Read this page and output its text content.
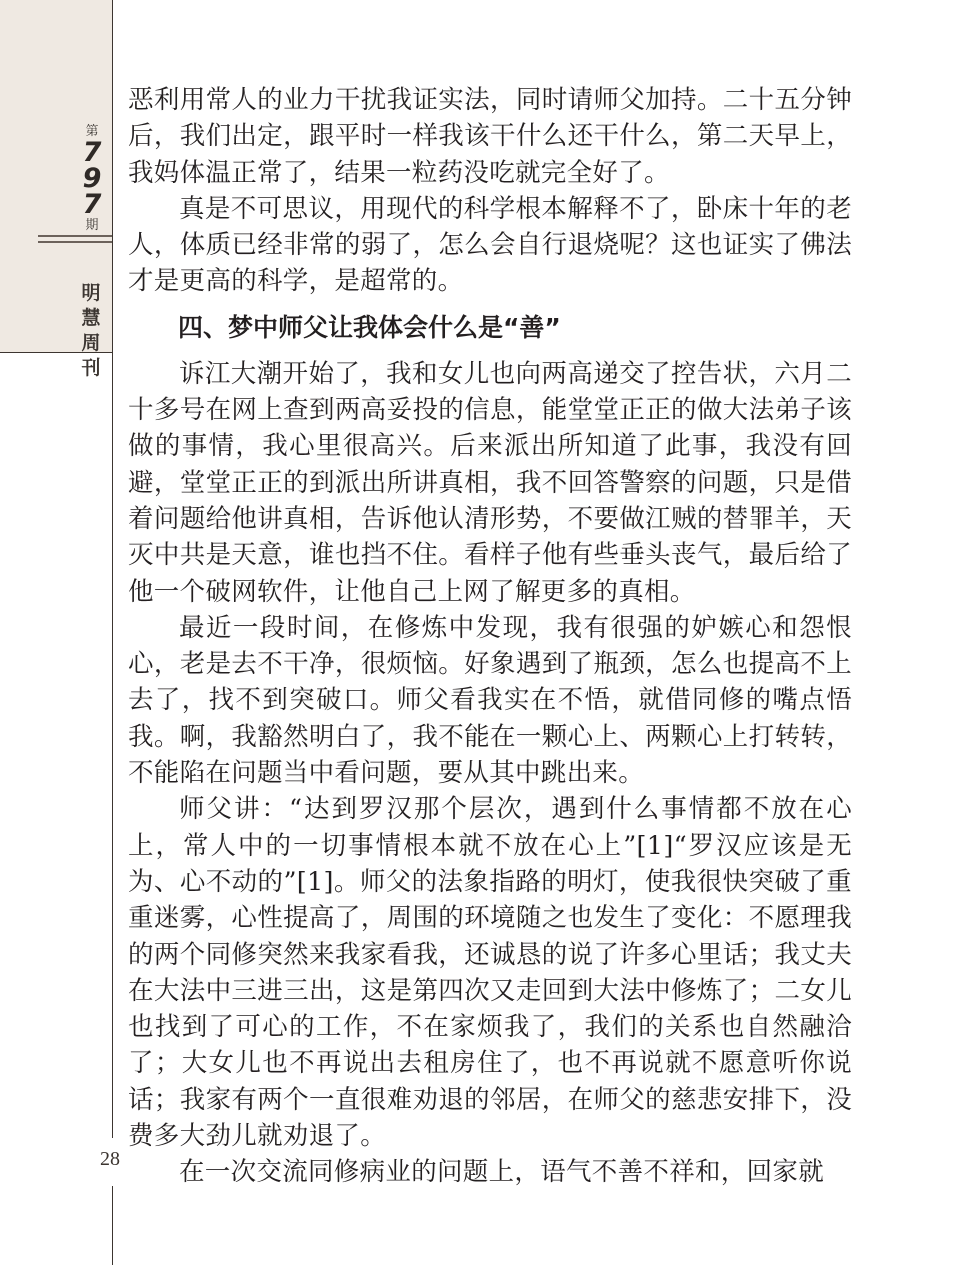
第
7
9
7
期

明
慧
周
刊

28

恶利用常人的业力干扰我证实法，同时请师父加持。二十五分钟后，我们出定，跟平时一样我该干什么还干什么，第二天早上，我妈体温正常了，结果一粒药没吃就完全好了。

真是不可思议，用现代的科学根本解释不了，卧床十年的老人，体质已经非常的弱了，怎么会自行退烧呢？这也证实了佛法才是更高的科学，是超常的。

四、梦中师父让我体会什么是“善”

诉江大潮开始了，我和女儿也向两高递交了控告状，六月二十多号在网上查到两高妥投的信息，能堂堂正正的做大法弟子该做的事情，我心里很高兴。后来派出所知道了此事，我没有回避，堂堂正正的到派出所讲真相，我不回答警察的问题，只是借着问题给他讲真相，告诉他认清形势，不要做江贼的替罪羊，天灭中共是天意，谁也挡不住。看样子他有些垂头丧气，最后给了他一个破网软件，让他自己上网了解更多的真相。

最近一段时间，在修炼中发现，我有很强的妒嫉心和怨恨心，老是去不干净，很烦恼。好象遇到了瓶颈，怎么也提高不上去了，找不到突破口。师父看我实在不悟，就借同修的嘴点悟我。啊，我豁然明白了，我不能在一颗心上、两颗心上打转转，不能陷在问题当中看问题，要从其中跳出来。

师父讲：“达到罗汉那个层次，遇到什么事情都不放在心上，常人中的一切事情根本就不放在心上”[1]“罗汉应该是无为、心不动的”[1]。师父的法象指路的明灯，使我很快突破了重重迷雾，心性提高了，周围的环境随之也发生了变化：不愿理我的两个同修突然来我家看我，还诚恳的说了许多心里话；我丈夫在大法中三进三出，这是第四次又走回到大法中修炼了；二女儿也找到了可心的工作，不在家烦我了，我们的关系也自然融洽了；大女儿也不再说出去租房住了，也不再说就不愿意听你说话；我家有两个一直很难劝退的邻居，在师父的慈悲安排下，没费多大劲儿就劝退了。

在一次交流同修病业的问题上，语气不善不祥和，回家就
